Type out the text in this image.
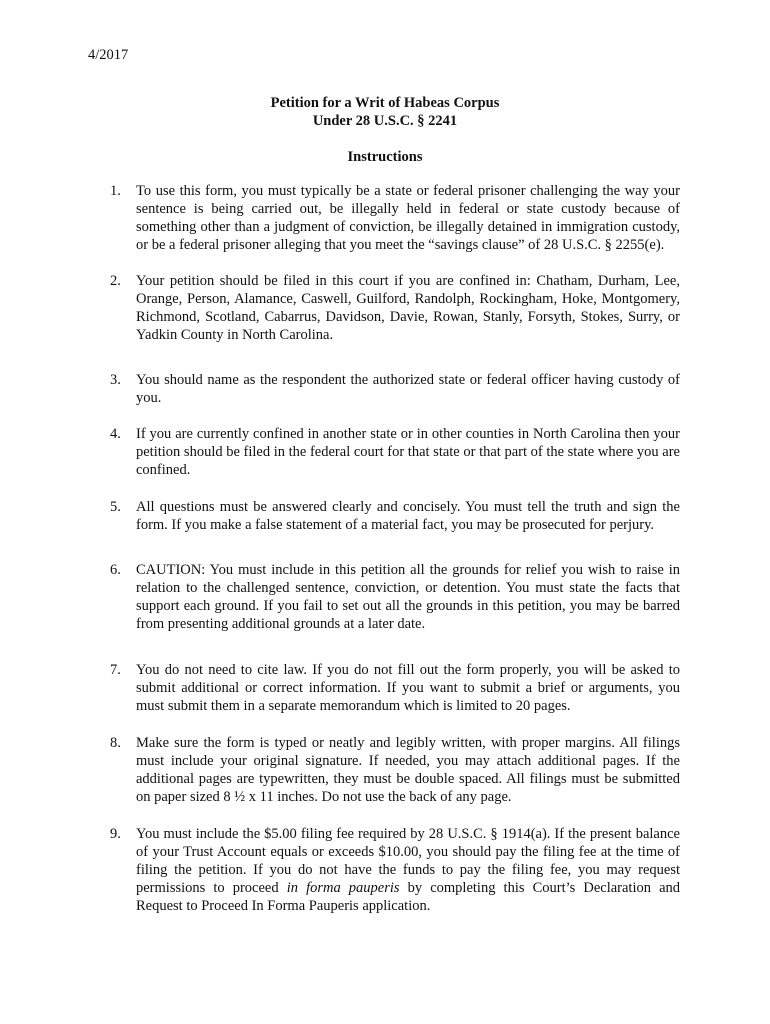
4/2017
Petition for a Writ of Habeas Corpus
Under 28 U.S.C. § 2241
Instructions
1. To use this form, you must typically be a state or federal prisoner challenging the way your sentence is being carried out, be illegally held in federal or state custody because of something other than a judgment of conviction, be illegally detained in immigration custody, or be a federal prisoner alleging that you meet the “savings clause” of 28 U.S.C. § 2255(e).
2. Your petition should be filed in this court if you are confined in: Chatham, Durham, Lee, Orange, Person, Alamance, Caswell, Guilford, Randolph, Rockingham, Hoke, Montgomery, Richmond, Scotland, Cabarrus, Davidson, Davie, Rowan, Stanly, Forsyth, Stokes, Surry, or Yadkin County in North Carolina.
3. You should name as the respondent the authorized state or federal officer having custody of you.
4. If you are currently confined in another state or in other counties in North Carolina then your petition should be filed in the federal court for that state or that part of the state where you are confined.
5. All questions must be answered clearly and concisely. You must tell the truth and sign the form. If you make a false statement of a material fact, you may be prosecuted for perjury.
6. CAUTION: You must include in this petition all the grounds for relief you wish to raise in relation to the challenged sentence, conviction, or detention. You must state the facts that support each ground. If you fail to set out all the grounds in this petition, you may be barred from presenting additional grounds at a later date.
7. You do not need to cite law. If you do not fill out the form properly, you will be asked to submit additional or correct information. If you want to submit a brief or arguments, you must submit them in a separate memorandum which is limited to 20 pages.
8. Make sure the form is typed or neatly and legibly written, with proper margins. All filings must include your original signature. If needed, you may attach additional pages. If the additional pages are typewritten, they must be double spaced. All filings must be submitted on paper sized 8 ½ x 11 inches. Do not use the back of any page.
9. You must include the $5.00 filing fee required by 28 U.S.C. § 1914(a). If the present balance of your Trust Account equals or exceeds $10.00, you should pay the filing fee at the time of filing the petition. If you do not have the funds to pay the filing fee, you may request permissions to proceed in forma pauperis by completing this Court’s Declaration and Request to Proceed In Forma Pauperis application.
